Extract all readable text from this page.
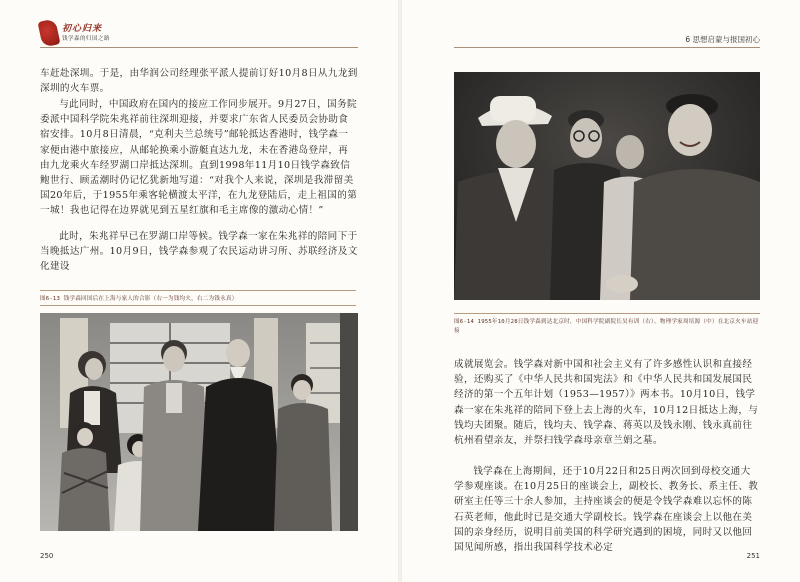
初心归来
钱学森的归国之路

车赶赴深圳。于是，由华润公司经理张平派人提前订好10月8日从九龙到深圳的火车票。

与此同时，中国政府在国内的接应工作同步展开。9月27日，国务院委派中国科学院朱兆祥前往深圳迎接，并要求广东省人民委员会协助食宿安排。10月8日清晨，“克利夫兰总统号”邮轮抵达香港时，钱学森一家便由港中旅接应，从邮轮换乘小游艇直达九龙，未在香港岛登岸，再由九龙乘火车经罗湖口岸抵达深圳。直到1998年11月10日钱学森致信鲍世行、顾孟潮时仍记忆犹新地写道：“对我个人来说，深圳是我滞留美国20年后，于1955年乘客轮横渡太平洋，在九龙登陆后，走上祖国的第一城！我也记得在边界就见到五星红旗和毛主席像的激动心情！”

此时，朱兆祥早已在罗湖口岸等候。钱学森一家在朱兆祥的陪同下于当晚抵达广州。10月9日，钱学森参观了农民运动讲习所、苏联经济及文化建设

图6-13 钱学森回国后在上海与家人的合影（右一为钱均夫，右二为钱永真）
250
6 思想启蒙与报国初心
图6-14 1955年10月28日钱学森到达北京时，中国科学院副院长吴有训（右）、物理学家周培源（中）在北京火车站迎接

成就展览会。钱学森对新中国和社会主义有了许多感性认识和直接经验，还购买了《中华人民共和国宪法》和《中华人民共和国发展国民经济的第一个五年计划（1953—1957）》两本书。10月10日，钱学森一家在朱兆祥的陪同下登上去上海的火车，10月12日抵达上海，与钱均夫团聚。随后，钱均夫、钱学森、蒋英以及钱永刚、钱永真前往杭州看望亲友，并祭扫钱学森母亲章兰娟之墓。

钱学森在上海期间，还于10月22日和25日两次回到母校交通大学参观座谈。在10月25日的座谈会上，副校长、教务长、系主任、教研室主任等三十余人参加，主持座谈会的便是令钱学森难以忘怀的陈石英老师，他此时已是交通大学副校长。钱学森在座谈会上以他在美国的亲身经历，说明目前美国的科学研究遇到的困境，同时又以他回国见闻所感，指出我国科学技术必定

251
